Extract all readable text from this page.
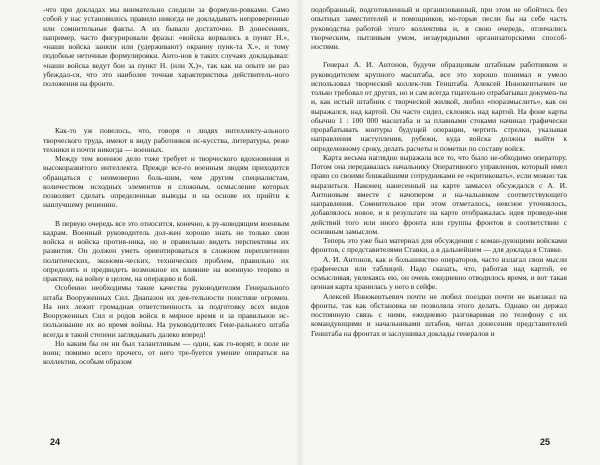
-что при докладах мы внимательно следили за формули-ровками. Само собой у нас установилось правило никогда не докладывать непроверенные или сомнительные факты. А их бывало достаточно. В донесениях, например, часто фигурировали фразы: «войска ворвались в пункт Н.», «наши войска заняли или (удерживают) окраину пунк-та Х.», и тому подобные неточные формулировки. Анто-нов в таких случаях докладывал: «наши войска ведут бои за пункт Н. (или Х.)», так как на опыте не раз убеждал-ся, что это наиболее точная характеристика действитель-ного положения на фронте.

Как-то уж повелось, что, говоря о людях интеллекту-ального творческого труда, имеют в виду работников ис-кусства, литературы, реже техники и почти никогда — военных.

Между тем военное дело тоже требует и творческого вдохновения и высокоразвитого интеллекта. Прежде все-го военным людям приходится обращаться с неимоверно боль-шим, чем другим специалистам, количеством исходных элементов и сложным, осмысление которых позволяет сделать определенные выводы и на основе их прийти к наилучшему решению.

В первую очередь все это относится, конечно, к ру-ководящим военным кадрам. Военный руководитель дол-жен хорошо знать не только свои войска и войска против-ника, но и правильно видеть перспективы их развития. Он должен уметь ориентироваться в сложном переплетении политических, экономи-ческих, технических проблем, правильно их определять и предвидеть возможное их влияние на военную теорию и практику, на войну в целом, на операцию и бой.

Особенно необходимы такие качества руководителям Генерального штаба Вооруженных Сил. Диапазон их дея-тельности поистине огромен. На них лежит громадная ответственность за подготовку всех видов Вооруженных Сил и родов войск в мирное время и за правильное ис-пользование их во время войны. На руководителях Гене-рального штаба всегда в такой степени заглядывать далеко вперед!

Но каким бы он ни был талантливым — один, как го-ворят, в поле не воин; помимо всего прочего, от него тре-буется умение опираться на коллектив, особым образом

подобранный, подготовленный и организованный, при этом не обойтись без опытных заместителей и помощников, ко-торые песли бы на себе часть руководства работой этого коллектива и, в свою очередь, отличались творческим, пытливым умом, незаурядными организаторскими способ-ностями.

Генерал А. И. Антонов, будучи образцовым штабным работником и руководителем крупного масштаба, все это хорошо понимал и умело использовал творческий коллек-тив Генштаба. Алексей Иннокентьевич не только требовал от других, но и сам всегда тщательно отрабатывал докумен-ты и, как истый штабник с творческой жилкой, любил «поразмыслить», как он выражался, над картой. Он часто сидел, склонясь над картой. На фоне карты обычно 1 : 100 000 масштаба и за плавными стоками начинал графически прорабатывать контуры будущей операции, чертить стрелки, указывая направления наступления, рубежи, куда войска должны выйти к определенному сроку, делать расчеты и пометки по составу войск.

Карта весьма наглядно выражала все то, что было не-обходимо оператору. Потом она передавалась начальнику Оперативного управления, который имел право со своими ближайшими сотрудниками ее «критиковать», если можно так выразиться. Наконец нанесенный на карте замысел обсуждался с А. И. Антоновым вместе с начопером и на-чальником соответствующего направления. Сомнительное при этом отметалось, неясное уточнялось, добавлялось новое, и в результате на карте отображалась идея проведе-ния действий того или иного фронта или группы фронтов в соответствии с основным замыслом.

Теперь это уже был материал для обсуждения с коман-дующими войсками фронтов, с представителями Ставки, а в дальнейшем — для доклада в Ставке.

А. И. Антонов, как и большинство операторов, часто излагал свои мысли графически или таблицей. Надо сказать, что, работая над картой, ее осмысливая, увлекаясь ею, он очень ежедневно отводилось время, и вот такая ценная карта хранилась у него в сейфе.

Алексей Иннокентьевич почти не любил поездки почти не выезжал на фронты, так как обстановка не позволяла этого делать. Однако он держал постоянную связь с ними, ежедневно разговаривая по телефону с их командующими и начальниками штабов, читал донесения представителей Генштаба на фронтах и заслушивал доклады генералов и

24	25
